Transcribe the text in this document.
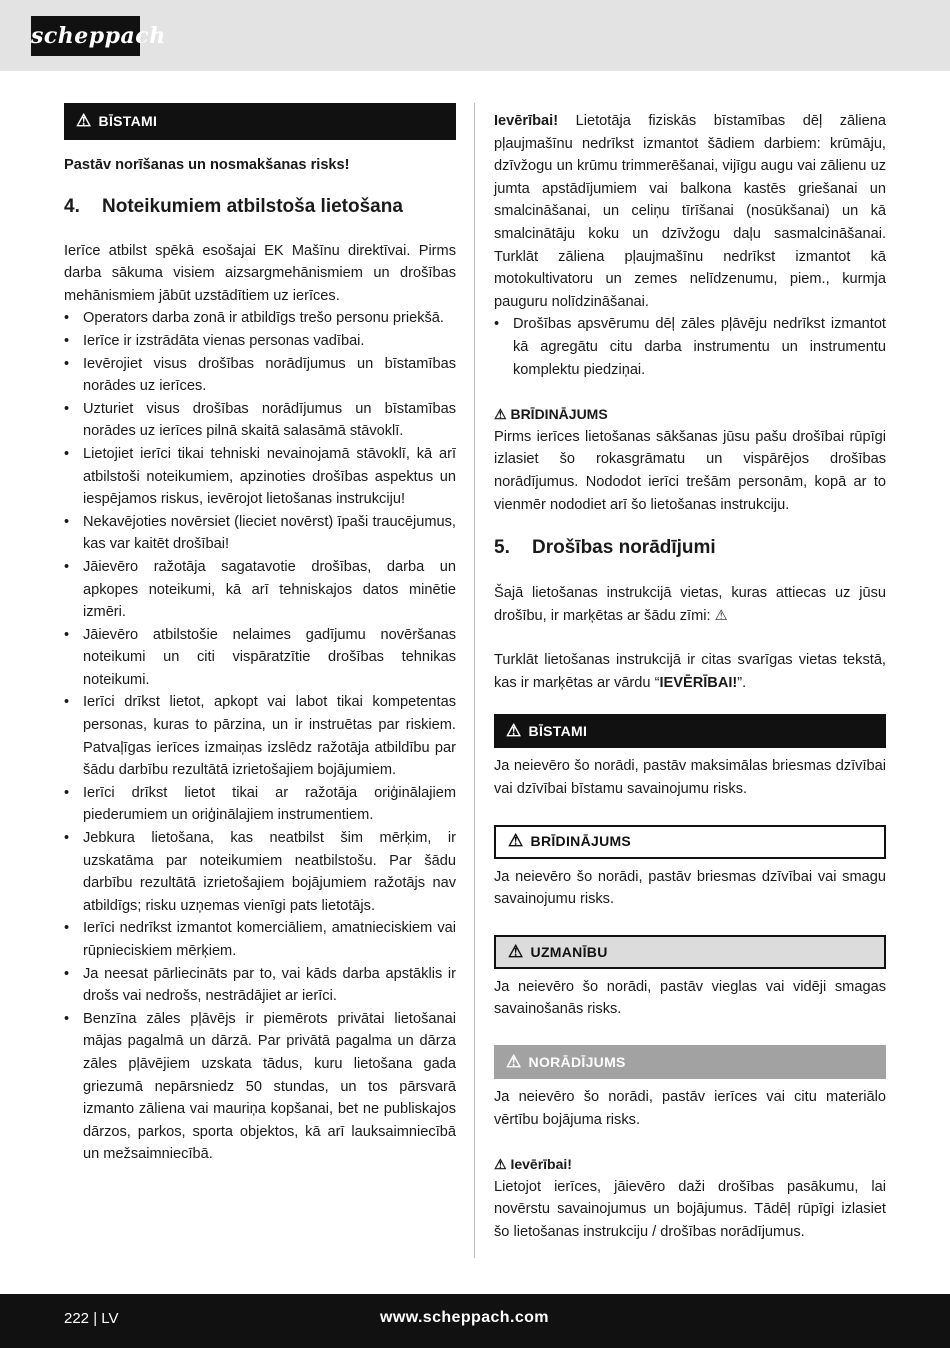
scheppach
⚠ BĪSTAMI

Pastāv norīšanas un nosmakšanas risks!

4. Noteikumiem atbilstoša lietošana

Ierīce atbilst spēkā esošajai EK Mašīnu direktīvai. Pirms darba sākuma visiem aizsargmehānismiem un drošības mehānismiem jābūt uzstādītiem uz ierīces.

• Operators darba zonā ir atbildīgs trešo personu priekšā.
• Ierīce ir izstrādāta vienas personas vadībai.
• Ievērojiet visus drošības norādījumus un bīstamības norādes uz ierīces.
• Uzturiet visus drošības norādījumus un bīstamības norādes uz ierīces pilnā skaitā salasāmā stāvoklī.
• Lietojiet ierīci tikai tehniski nevainojamā stāvoklī, kā arī atbilstoši noteikumiem, apzinoties drošības aspektus un iespējamos riskus, ievērojot lietošanas instrukciju!
• Nekavējoties novērsiet (lieciet novērst) īpaši traucējumus, kas var kaitēt drošībai!
• Jāievēro ražotāja sagatavotie drošības, darba un apkopes noteikumi, kā arī tehniskajos datos minētie izmēri.
• Jāievēro atbilstošie nelaimes gadījumu novēršanas noteikumi un citi vispāratzītie drošības tehnikas noteikumi.
• Ierīci drīkst lietot, apkopt vai labot tikai kompetentas personas, kuras to pārzina, un ir instruētas par riskiem. Patvaļīgas ierīces izmaiņas izslēdz ražotāja atbildību par šādu darbību rezultātā izrietošajiem bojājumiem.
• Ierīci drīkst lietot tikai ar ražotāja oriģinālajiem piederumiem un oriģinālajiem instrumentiem.
• Jebkura lietošana, kas neatbilst šim mērķim, ir uzskatāma par noteikumiem neatbilstošu. Par šādu darbību rezultātā izrietošajiem bojājumiem ražotājs nav atbildīgs; risku uzņemas vienīgi pats lietotājs.
• Ierīci nedrīkst izmantot komerciāliem, amatnieciskiem vai rūpnieciskiem mērķiem.
• Ja neesat pārliecināts par to, vai kāds darba apstāklis ir drošs vai nedrošs, nestrādājiet ar ierīci.
• Benzīna zāles pļāvējs ir piemērots privātai lietošanai mājas pagalmā un dārzā. Par privātā pagalma un dārza zāles pļāvējiem uzskata tādus, kuru lietošana gada griezumā nepārsniedz 50 stundas, un tos pārsvarā izmanto zāliena vai mauriņa kopšanai, bet ne publiskajos dārzos, parkos, sporta objektos, kā arī lauksaimniecībā un mežsaimniecībā.

Ievērībai! Lietotāja fiziskās bīstamības dēļ zāliena pļaujmašīnu nedrīkst izmantot šādiem darbiem: krūmāju, dzīvžogu un krūmu trimmerēšanai, vijīgu augu vai zālienu uz jumta apstādījumiem vai balkona kastēs griešanai un smalcināšanai, un celiņu tīrīšanai (nosūkšanai) un kā smalcinātāju koku un dzīvžogu daļu sasmalcināšanai. Turklāt zāliena pļaujmašīnu nedrīkst izmantot kā motokultivatoru un zemes nelīdzenumu, piem., kurmja pauguru nolīdzināšanai.

• Drošības apsvērumu dēļ zāles pļāvēju nedrīkst izmantot kā agregātu citu darba instrumentu un instrumentu komplektu piedziņai.
⚠ BRĪDINĀJUMS

Pirms ierīces lietošanas sākšanas jūsu pašu drošībai rūpīgi izlasiet šo rokasgrāmatu un vispārējos drošības norādījumus. Nododot ierīci trešām personām, kopā ar to vienmēr nododiet arī šo lietošanas instrukciju.

5. Drošības norādījumi

Šajā lietošanas instrukcijā vietas, kuras attiecas uz jūsu drošību, ir marķētas ar šādu zīmi: ⚠

Turklāt lietošanas instrukcijā ir citas svarīgas vietas tekstā, kas ir marķētas ar vārdu “IEVĒRĪBAI!”.

⚠ BĪSTAMI

Ja neievēro šo norādi, pastāv maksimālas briesmas dzīvībai vai dzīvībai bīstamu savainojumu risks.

⚠ BRĪDINĀJUMS

Ja neievēro šo norādi, pastāv briesmas dzīvībai vai smagu savainojumu risks.

⚠ UZMANĪBU

Ja neievēro šo norādi, pastāv vieglas vai vidēji smagas savainošanās risks.

⚠ NORĀDĪJUMS

Ja neievēro šo norādi, pastāv ierīces vai citu materiālo vērtību bojājuma risks.

⚠ Ievērībai!

Lietojot ierīces, jāievēro daži drošības pasākumu, lai novērstu savainojumus un bojājumus. Tādēļ rūpīgi izlasiet šo lietošanas instrukciju / drošības norādījumus.

222 | LV	www.scheppach.com
